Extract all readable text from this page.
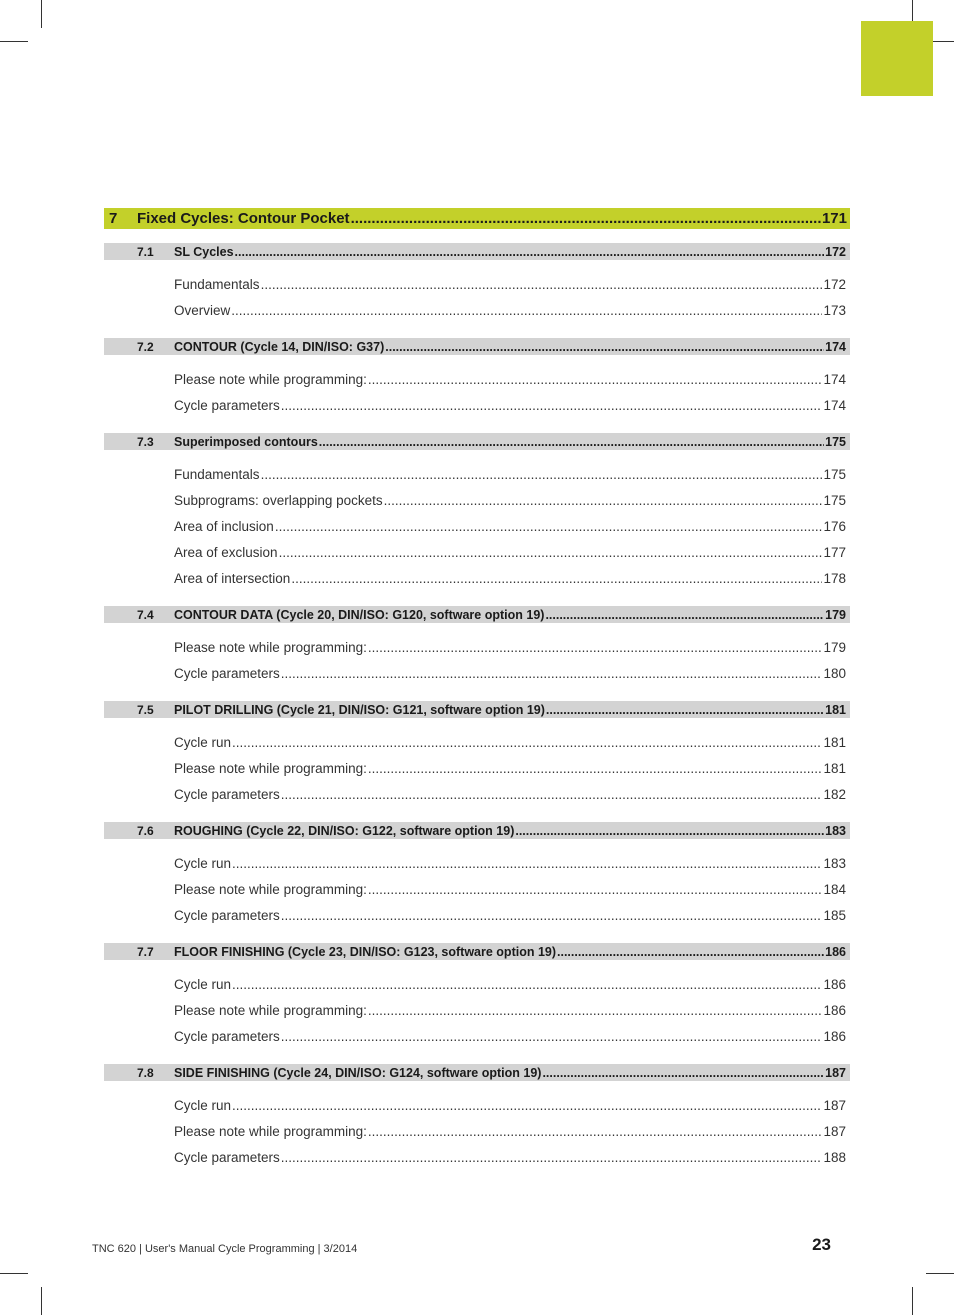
7	Fixed Cycles: Contour Pocket .....	171
7.1	SL Cycles .....	172
Fundamentals .....	172
Overview .....	173
7.2	CONTOUR (Cycle 14, DIN/ISO: G37) .....	174
Please note while programming: .....	174
Cycle parameters .....	174
7.3	Superimposed contours .....	175
Fundamentals .....	175
Subprograms: overlapping pockets .....	175
Area of inclusion .....	176
Area of exclusion .....	177
Area of intersection .....	178
7.4	CONTOUR DATA (Cycle 20, DIN/ISO: G120, software option 19) .....	179
Please note while programming: .....	179
Cycle parameters .....	180
7.5	PILOT DRILLING (Cycle 21, DIN/ISO: G121, software option 19) .....	181
Cycle run .....	181
Please note while programming: .....	181
Cycle parameters .....	182
7.6	ROUGHING (Cycle 22, DIN/ISO: G122, software option 19) .....	183
Cycle run .....	183
Please note while programming: .....	184
Cycle parameters .....	185
7.7	FLOOR FINISHING (Cycle 23, DIN/ISO: G123, software option 19) .....	186
Cycle run .....	186
Please note while programming: .....	186
Cycle parameters .....	186
7.8	SIDE FINISHING (Cycle 24, DIN/ISO: G124, software option 19) .....	187
Cycle run .....	187
Please note while programming: .....	187
Cycle parameters .....	188
TNC 620 | User's Manual Cycle Programming | 3/2014	23
